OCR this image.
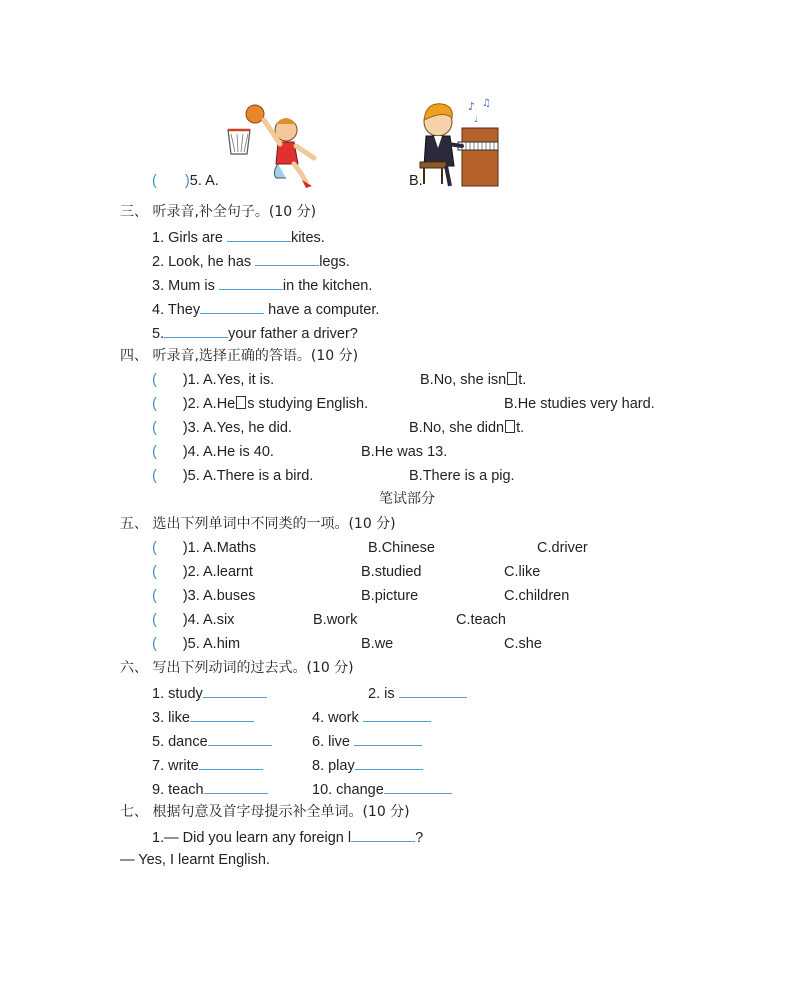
♪ ♫
♩
( )5. A.	B.
三、 听录音,补全句子。(10 分)
1. Girls are	kites.
2. Look, he has	legs.
3. Mum is	in the kitchen.
4. They	have a computer.
5.	your father a driver?
四、 听录音,选择正确的答语。(10 分)
( )1. A.Yes, it is.	B.No, she isn t.
( )2. A.He s studying English.	B.He studies very hard.
( )3. A.Yes, he did.	B.No, she didn t.
( )4. A.He is 40.	B.He was 13.
( )5. A.There is a bird.	B.There is a pig.
笔试部分
五、 选出下列单词中不同类的一项。(10 分)
( )1. A.Maths	B.Chinese	C.driver
( )2. A.learnt	B.studied	C.like
( )3. A.buses	B.picture	C.children
( )4. A.six	B.work	C.teach
( )5. A.him	B.we	C.she
六、 写出下列动词的过去式。(10 分)
1. study	2. is
3. like	4. work
5. dance	6. live
7. write	8. play
9. teach	10. change
七、 根据句意及首字母提示补全单词。(10 分)
1.— Did you learn any foreign l	?
— Yes, I learnt English.
